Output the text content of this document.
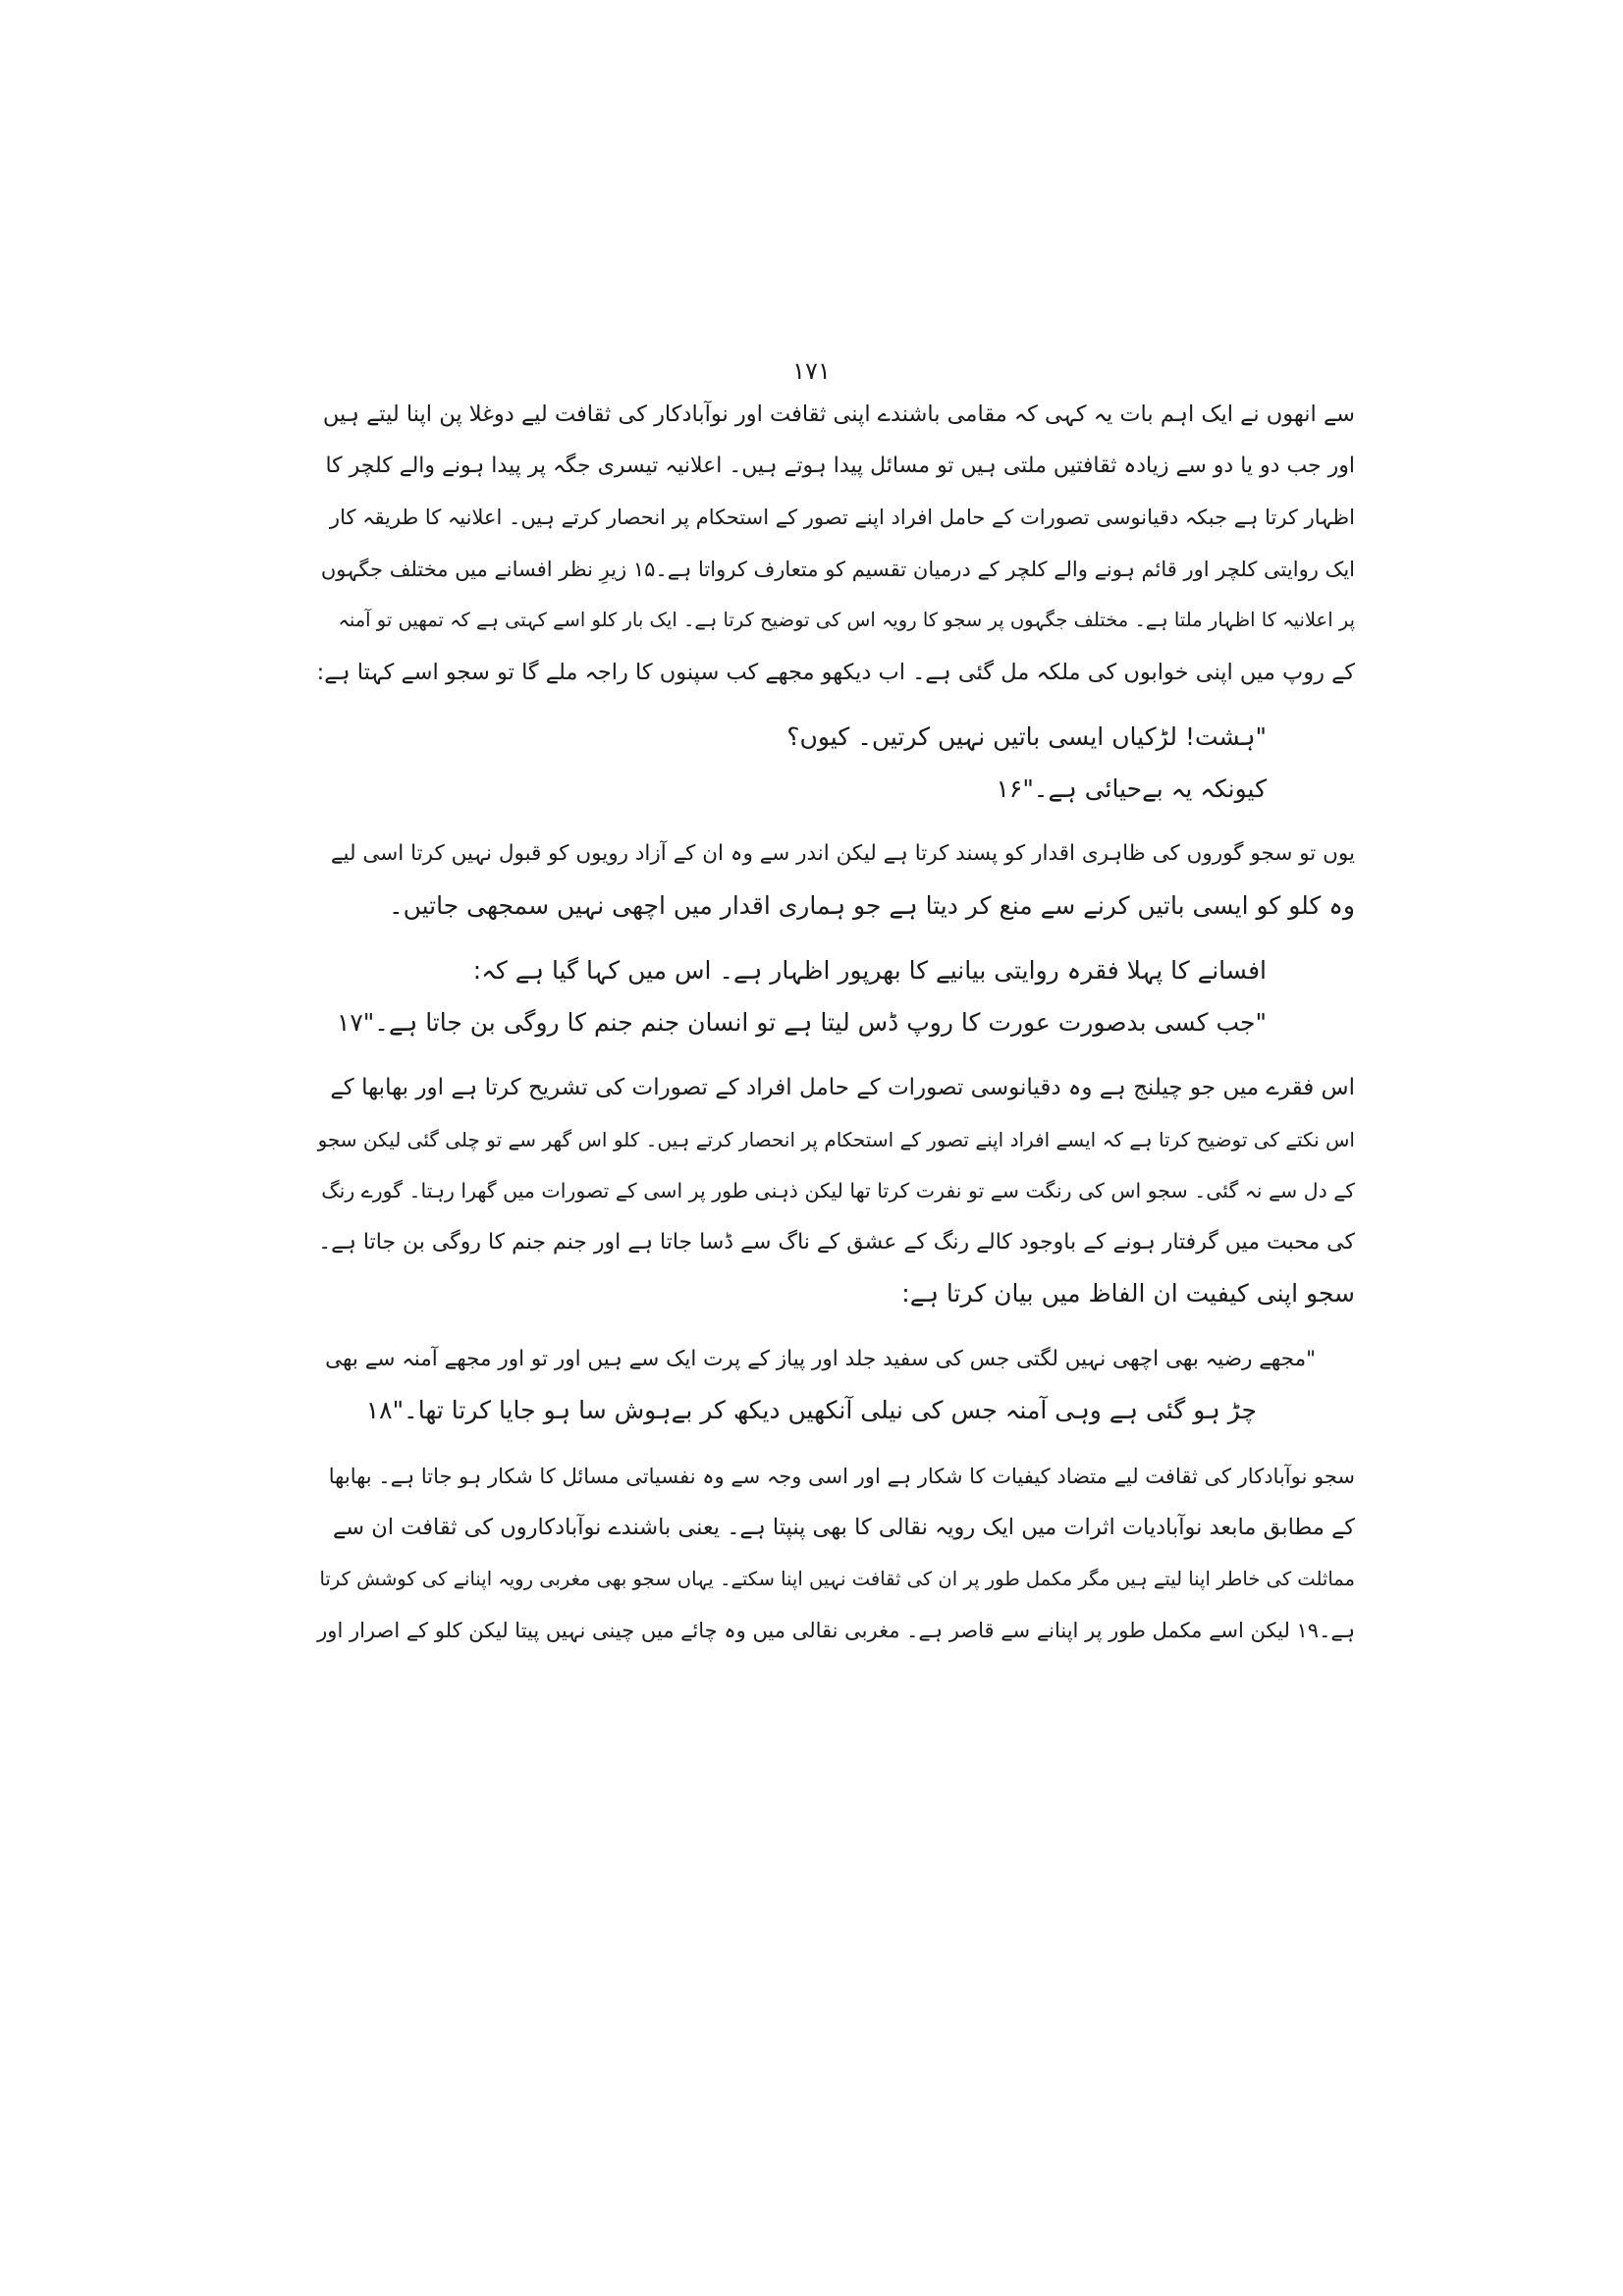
۱۷۱

سے انھوں نے ایک اہم بات یہ کہی کہ مقامی باشندے اپنی ثقافت اور نوآبادکار کی ثقافت لیے دوغلا پن اپنا لیتے ہیں
اور جب دو یا دو سے زیادہ ثقافتیں ملتی ہیں تو مسائل پیدا ہوتے ہیں۔ اعلانیہ تیسری جگہ پر پیدا ہونے والے کلچر کا
اظہار کرتا ہے جبکہ دقیانوسی تصورات کے حامل افراد اپنے تصور کے استحکام پر انحصار کرتے ہیں۔ اعلانیہ کا طریقہ کار
ایک روایتی کلچر اور قائم ہونے والے کلچر کے درمیان تقسیم کو متعارف کرواتا ہے۔۱۵ زیرِ نظر افسانے میں مختلف جگہوں
پر اعلانیہ کا اظہار ملتا ہے۔ مختلف جگہوں پر سجو کا رویہ اس کی توضیح کرتا ہے۔ ایک بار کلو اسے کہتی ہے کہ تمھیں تو آمنہ
کے روپ میں اپنی خوابوں کی ملکہ مل گئی ہے۔ اب دیکھو مجھے کب سپنوں کا راجہ ملے گا تو سجو اسے کہتا ہے:

"ہشت! لڑکیاں ایسی باتیں نہیں کرتیں۔ کیوں؟
کیونکہ یہ بےحیائی ہے۔"۱۶

یوں تو سجو گوروں کی ظاہری اقدار کو پسند کرتا ہے لیکن اندر سے وہ ان کے آزاد رویوں کو قبول نہیں کرتا اسی لیے
وہ کلو کو ایسی باتیں کرنے سے منع کر دیتا ہے جو ہماری اقدار میں اچھی نہیں سمجھی جاتیں۔

افسانے کا پہلا فقرہ روایتی بیانیے کا بھرپور اظہار ہے۔ اس میں کہا گیا ہے کہ:
"جب کسی بدصورت عورت کا روپ ڈس لیتا ہے تو انسان جنم جنم کا روگی بن جاتا ہے۔"۱۷

اس فقرے میں جو چیلنج ہے وہ دقیانوسی تصورات کے حامل افراد کے تصورات کی تشریح کرتا ہے اور بھابھا کے
اس نکتے کی توضیح کرتا ہے کہ ایسے افراد اپنے تصور کے استحکام پر انحصار کرتے ہیں۔ کلو اس گھر سے تو چلی گئی لیکن سجو
کے دل سے نہ گئی۔ سجو اس کی رنگت سے تو نفرت کرتا تھا لیکن ذہنی طور پر اسی کے تصورات میں گھرا رہتا۔ گورے رنگ
کی محبت میں گرفتار ہونے کے باوجود کالے رنگ کے عشق کے ناگ سے ڈسا جاتا ہے اور جنم جنم کا روگی بن جاتا ہے۔
سجو اپنی کیفیت ان الفاظ میں بیان کرتا ہے:

"مجھے رضیہ بھی اچھی نہیں لگتی جس کی سفید جلد اور پیاز کے پرت ایک سے ہیں اور تو اور مجھے آمنہ سے بھی
چڑ ہو گئی ہے وہی آمنہ جس کی نیلی آنکھیں دیکھ کر بےہوش سا ہو جایا کرتا تھا۔"۱۸

سجو نوآبادکار کی ثقافت لیے متضاد کیفیات کا شکار ہے اور اسی وجہ سے وہ نفسیاتی مسائل کا شکار ہو جاتا ہے۔ بھابھا
کے مطابق مابعد نوآبادیات اثرات میں ایک رویہ نقالی کا بھی پنپتا ہے۔ یعنی باشندے نوآبادکاروں کی ثقافت ان سے
مماثلت کی خاطر اپنا لیتے ہیں مگر مکمل طور پر ان کی ثقافت نہیں اپنا سکتے۔ یہاں سجو بھی مغربی رویہ اپنانے کی کوشش کرتا
ہے۔۱۹ لیکن اسے مکمل طور پر اپنانے سے قاصر ہے۔ مغربی نقالی میں وہ چائے میں چینی نہیں پیتا لیکن کلو کے اصرار اور
